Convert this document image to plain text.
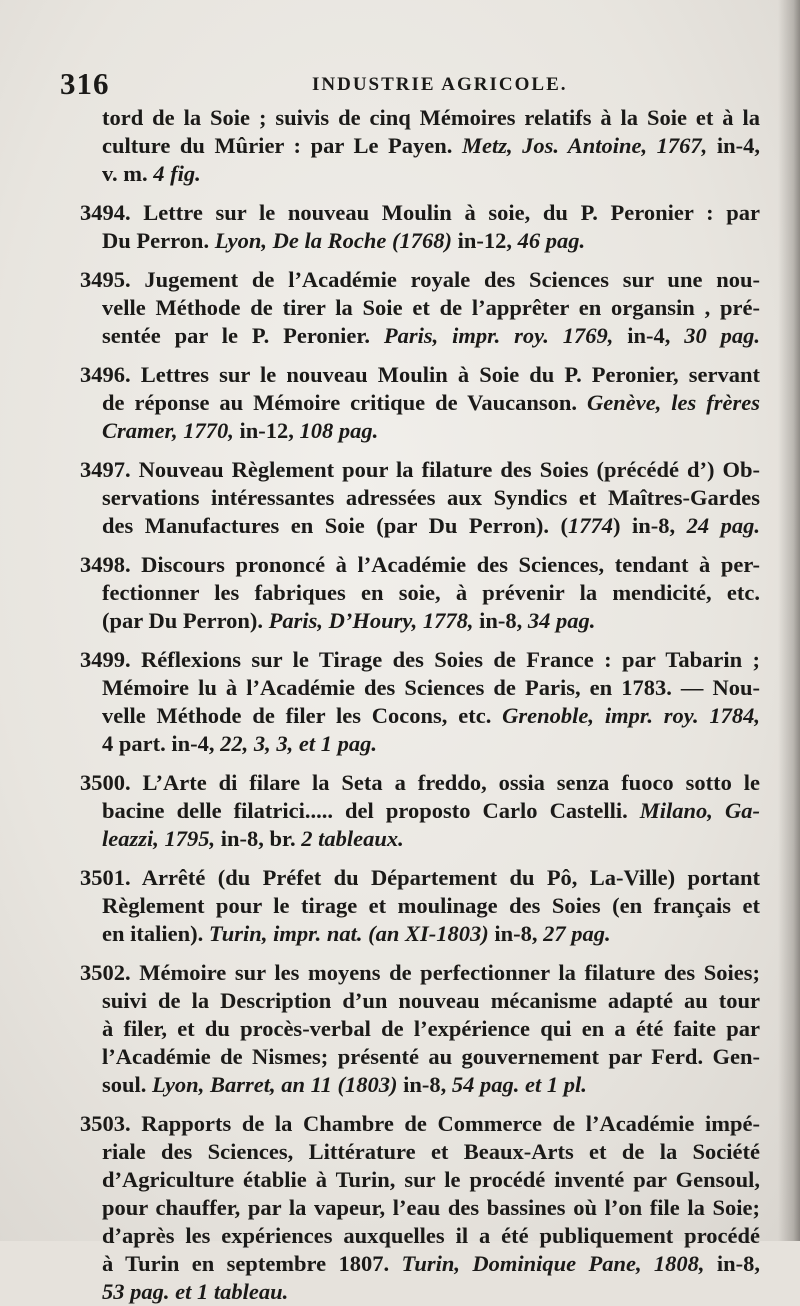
316	INDUSTRIE AGRICOLE.
tord de la Soie ; suivis de cinq Mémoires relatifs à la Soie et à la
culture du Mûrier : par Le Payen. Metz, Jos. Antoine, 1767, in-4,
v. m. 4 fig.
3494. Lettre sur le nouveau Moulin à soie, du P. Peronier : par
Du Perron. Lyon, De la Roche (1768) in-12, 46 pag.
3495. Jugement de l’Académie royale des Sciences sur une nou-
velle Méthode de tirer la Soie et de l’apprêter en organsin , pré-
sentée par le P. Peronier. Paris, impr. roy. 1769, in-4, 30 pag.
3496. Lettres sur le nouveau Moulin à Soie du P. Peronier, servant
de réponse au Mémoire critique de Vaucanson. Genève, les frères
Cramer, 1770, in-12, 108 pag.
3497. Nouveau Règlement pour la filature des Soies (précédé d’) Ob-
servations intéressantes adressées aux Syndics et Maîtres-Gardes
des Manufactures en Soie (par Du Perron). (1774) in-8, 24 pag.
3498. Discours prononcé à l’Académie des Sciences, tendant à per-
fectionner les fabriques en soie, à prévenir la mendicité, etc.
(par Du Perron). Paris, D’Houry, 1778, in-8, 34 pag.
3499. Réflexions sur le Tirage des Soies de France : par Tabarin ;
Mémoire lu à l’Académie des Sciences de Paris, en 1783. — Nou-
velle Méthode de filer les Cocons, etc. Grenoble, impr. roy. 1784,
4 part. in-4, 22, 3, 3, et 1 pag.
3500. L’Arte di filare la Seta a freddo, ossia senza fuoco sotto le
bacine delle filatrici..... del proposto Carlo Castelli. Milano, Ga-
leazzi, 1795, in-8, br. 2 tableaux.
3501. Arrêté (du Préfet du Département du Pô, La-Ville) portant
Règlement pour le tirage et moulinage des Soies (en français et
en italien). Turin, impr. nat. (an XI-1803) in-8, 27 pag.
3502. Mémoire sur les moyens de perfectionner la filature des Soies;
suivi de la Description d’un nouveau mécanisme adapté au tour
à filer, et du procès-verbal de l’expérience qui en a été faite par
l’Académie de Nismes; présenté au gouvernement par Ferd. Gen-
soul. Lyon, Barret, an 11 (1803) in-8, 54 pag. et 1 pl.
3503. Rapports de la Chambre de Commerce de l’Académie impé-
riale des Sciences, Littérature et Beaux-Arts et de la Société
d’Agriculture établie à Turin, sur le procédé inventé par Gensoul,
pour chauffer, par la vapeur, l’eau des bassines où l’on file la Soie;
d’après les expériences auxquelles il a été publiquement procédé
à Turin en septembre 1807. Turin, Dominique Pane, 1808, in-8,
53 pag. et 1 tableau.
